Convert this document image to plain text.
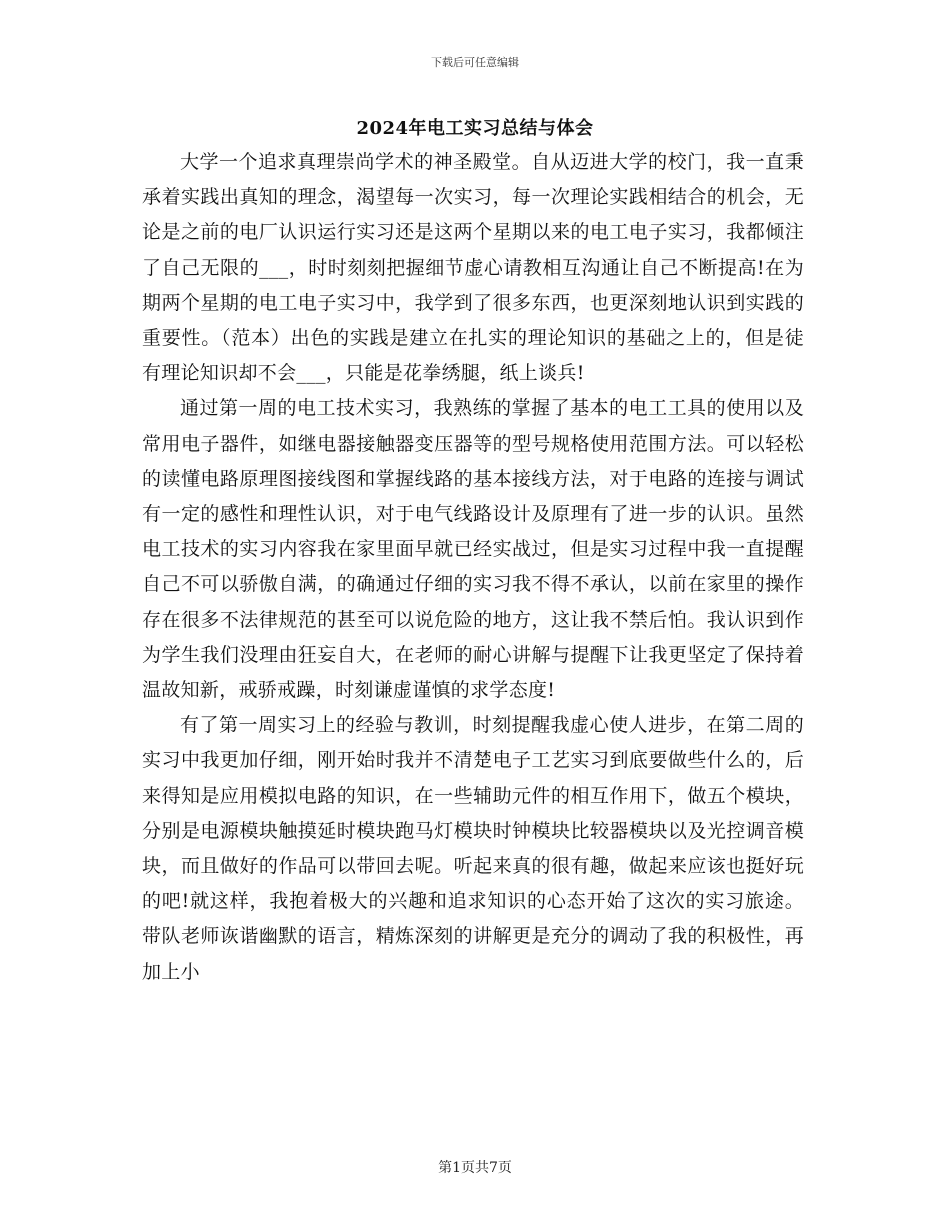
下载后可任意编辑
2024年电工实习总结与体会

大学一个追求真理崇尚学术的神圣殿堂。自从迈进大学的校门，我一直秉承着实践出真知的理念，渴望每一次实习，每一次理论实践相结合的机会，无论是之前的电厂认识运行实习还是这两个星期以来的电工电子实习，我都倾注了自己无限的___，时时刻刻把握细节虚心请教相互沟通让自己不断提高!在为期两个星期的电工电子实习中，我学到了很多东西，也更深刻地认识到实践的重要性。（范本）出色的实践是建立在扎实的理论知识的基础之上的，但是徒有理论知识却不会___，只能是花拳绣腿，纸上谈兵!

通过第一周的电工技术实习，我熟练的掌握了基本的电工工具的使用以及常用电子器件，如继电器接触器变压器等的型号规格使用范围方法。可以轻松的读懂电路原理图接线图和掌握线路的基本接线方法，对于电路的连接与调试有一定的感性和理性认识，对于电气线路设计及原理有了进一步的认识。虽然电工技术的实习内容我在家里面早就已经实战过，但是实习过程中我一直提醒自己不可以骄傲自满，的确通过仔细的实习我不得不承认，以前在家里的操作存在很多不法律规范的甚至可以说危险的地方，这让我不禁后怕。我认识到作为学生我们没理由狂妄自大，在老师的耐心讲解与提醒下让我更坚定了保持着温故知新，戒骄戒躁，时刻谦虚谨慎的求学态度!

有了第一周实习上的经验与教训，时刻提醒我虚心使人进步，在第二周的实习中我更加仔细，刚开始时我并不清楚电子工艺实习到底要做些什么的，后来得知是应用模拟电路的知识，在一些辅助元件的相互作用下，做五个模块，分别是电源模块触摸延时模块跑马灯模块时钟模块比较器模块以及光控调音模块，而且做好的作品可以带回去呢。听起来真的很有趣，做起来应该也挺好玩的吧!就这样，我抱着极大的兴趣和追求知识的心态开始了这次的实习旅途。带队老师诙谐幽默的语言，精炼深刻的讲解更是充分的调动了我的积极性，再加上小

第1页共7页
